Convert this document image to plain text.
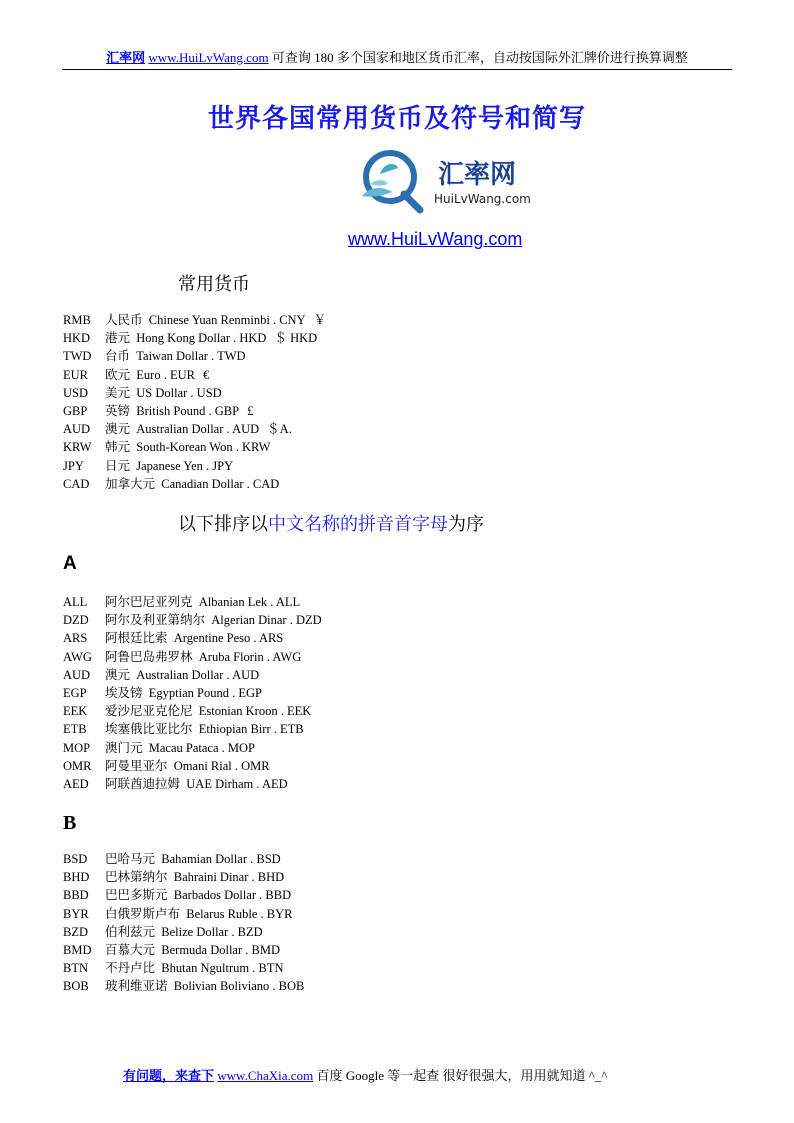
汇率网 www.HuiLvWang.com 可查询 180 多个国家和地区货币汇率，自动按国际外汇牌价进行换算调整
世界各国常用货币及符号和简写
汇率网
HuiLvWang.com
www.HuiLvWang.com
常用货币
RMB 人民币 Chinese Yuan Renminbi . CNY ￥
HKD 港元 Hong Kong Dollar . HKD ＄ HKD
TWD 台币 Taiwan Dollar . TWD
EUR 欧元 Euro . EUR €
USD 美元 US Dollar . USD
GBP 英镑 British Pound . GBP £
AUD 澳元 Australian Dollar . AUD ＄A.
KRW 韩元 South-Korean Won . KRW
JPY 日元 Japanese Yen . JPY
CAD 加拿大元 Canadian Dollar . CAD
以下排序以中文名称的拼音首字母为序
A
ALL 阿尔巴尼亚列克 Albanian Lek . ALL
DZD 阿尔及利亚第纳尔 Algerian Dinar . DZD
ARS 阿根廷比索 Argentine Peso . ARS
AWG 阿鲁巴岛弗罗林 Aruba Florin . AWG
AUD 澳元 Australian Dollar . AUD
EGP 埃及镑 Egyptian Pound . EGP
EEK 爱沙尼亚克伦尼 Estonian Kroon . EEK
ETB 埃塞俄比亚比尔 Ethiopian Birr . ETB
MOP 澳门元 Macau Pataca . MOP
OMR 阿曼里亚尔 Omani Rial . OMR
AED 阿联酋迪拉姆 UAE Dirham . AED
B
BSD 巴哈马元 Bahamian Dollar . BSD
BHD 巴林第纳尔 Bahraini Dinar . BHD
BBD 巴巴多斯元 Barbados Dollar . BBD
BYR 白俄罗斯卢布 Belarus Ruble . BYR
BZD 伯利兹元 Belize Dollar . BZD
BMD 百慕大元 Bermuda Dollar . BMD
BTN 不丹卢比 Bhutan Ngultrum . BTN
BOB 玻利维亚诺 Bolivian Boliviano . BOB
有问题，来查下 www.ChaXia.com 百度 Google 等一起查 很好很强大，用用就知道 ^_^
